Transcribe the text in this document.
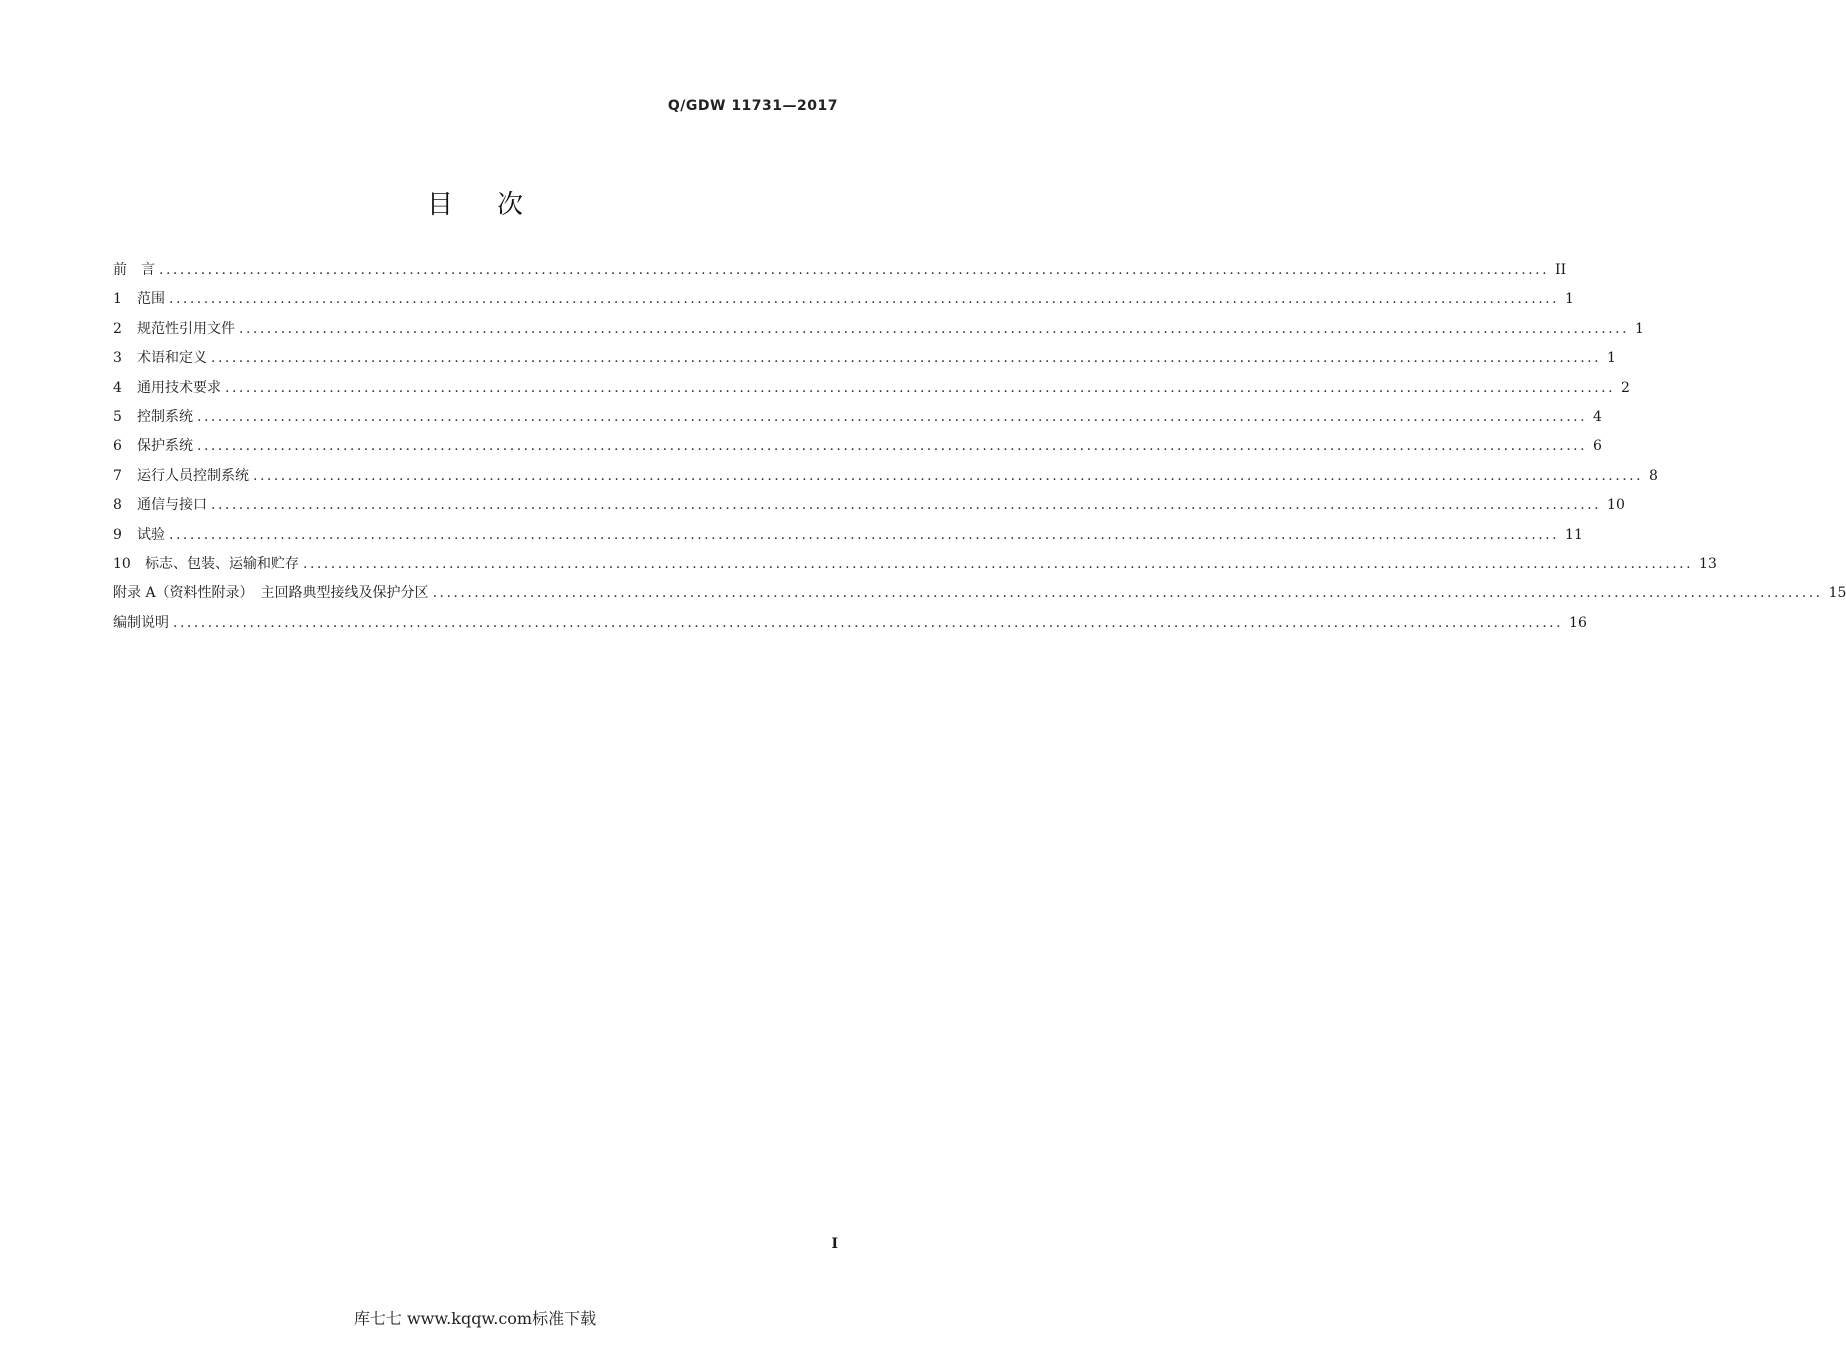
Q/GDW 11731—2017
目次
前　言 ........................................................................................................................................................................................................ II
1	范围 ........................................................................................................................................................................................................ 1
2	规范性引用文件 ........................................................................................................................................................................................................ 1
3	术语和定义 ........................................................................................................................................................................................................ 1
4	通用技术要求 ........................................................................................................................................................................................................ 2
5	控制系统 ........................................................................................................................................................................................................ 4
6	保护系统 ........................................................................................................................................................................................................ 6
7	运行人员控制系统 ........................................................................................................................................................................................................ 8
8	通信与接口 ........................................................................................................................................................................................................ 10
9	试验 ........................................................................................................................................................................................................ 11
10	标志、包装、运输和贮存 ........................................................................................................................................................................................................ 13
附录 A（资料性附录）　主回路典型接线及保护分区 ........................................................................................................................................................................................................ 15
编制说明 ........................................................................................................................................................................................................ 16
I
库七七 www.kqqw.com标准下载
